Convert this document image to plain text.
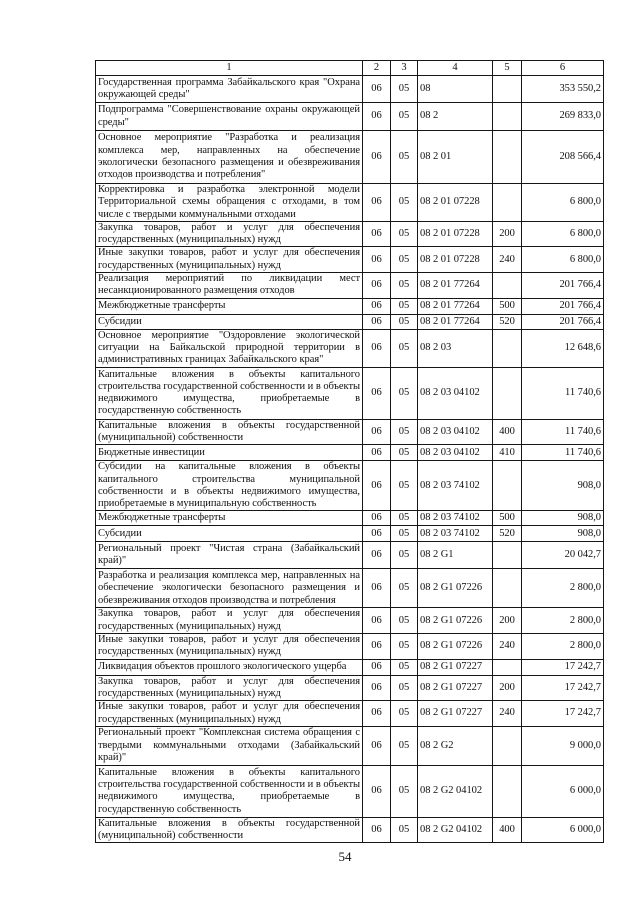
1	2	3	4	5	6
Государственная программа Забайкальского края "Охрана окружающей среды"	06	05	08		353 550,2
Подпрограмма "Совершенствование охраны окружающей среды"	06	05	08 2		269 833,0
Основное мероприятие "Разработка и реализация комплекса мер, направленных на обеспечение экологически безопасного размещения и обезвреживания отходов производства и потребления"	06	05	08 2 01		208 566,4
Корректировка и разработка электронной модели Территориальной схемы обращения с отходами, в том числе с твердыми коммунальными отходами	06	05	08 2 01 07228		6 800,0
Закупка товаров, работ и услуг для обеспечения государственных (муниципальных) нужд	06	05	08 2 01 07228	200	6 800,0
Иные закупки товаров, работ и услуг для обеспечения государственных (муниципальных) нужд	06	05	08 2 01 07228	240	6 800,0
Реализация мероприятий по ликвидации мест несанкционированного размещения отходов	06	05	08 2 01 77264		201 766,4
Межбюджетные трансферты	06	05	08 2 01 77264	500	201 766,4
Субсидии	06	05	08 2 01 77264	520	201 766,4
Основное мероприятие "Оздоровление экологической ситуации на Байкальской природной территории в административных границах Забайкальского края"	06	05	08 2 03		12 648,6
Капитальные вложения в объекты капитального строительства государственной собственности и в объекты недвижимого имущества, приобретаемые в государственную собственность	06	05	08 2 03 04102		11 740,6
Капитальные вложения в объекты государственной (муниципальной) собственности	06	05	08 2 03 04102	400	11 740,6
Бюджетные инвестиции	06	05	08 2 03 04102	410	11 740,6
Субсидии на капитальные вложения в объекты капитального строительства муниципальной собственности и в объекты недвижимого имущества, приобретаемые в муниципальную собственность	06	05	08 2 03 74102		908,0
Межбюджетные трансферты	06	05	08 2 03 74102	500	908,0
Субсидии	06	05	08 2 03 74102	520	908,0
Региональный проект "Чистая страна (Забайкальский край)"	06	05	08 2 G1		20 042,7
Разработка и реализация комплекса мер, направленных на обеспечение экологически безопасного размещения и обезвреживания отходов производства и потребления	06	05	08 2 G1 07226		2 800,0
Закупка товаров, работ и услуг для обеспечения государственных (муниципальных) нужд	06	05	08 2 G1 07226	200	2 800,0
Иные закупки товаров, работ и услуг для обеспечения государственных (муниципальных) нужд	06	05	08 2 G1 07226	240	2 800,0
Ликвидация объектов прошлого экологического ущерба	06	05	08 2 G1 07227		17 242,7
Закупка товаров, работ и услуг для обеспечения государственных (муниципальных) нужд	06	05	08 2 G1 07227	200	17 242,7
Иные закупки товаров, работ и услуг для обеспечения государственных (муниципальных) нужд	06	05	08 2 G1 07227	240	17 242,7
Региональный проект "Комплексная система обращения с твердыми коммунальными отходами (Забайкальский край)"	06	05	08 2 G2		9 000,0
Капитальные вложения в объекты капитального строительства государственной собственности и в объекты недвижимого имущества, приобретаемые в государственную собственность	06	05	08 2 G2 04102		6 000,0
Капитальные вложения в объекты государственной (муниципальной) собственности	06	05	08 2 G2 04102	400	6 000,0
54
